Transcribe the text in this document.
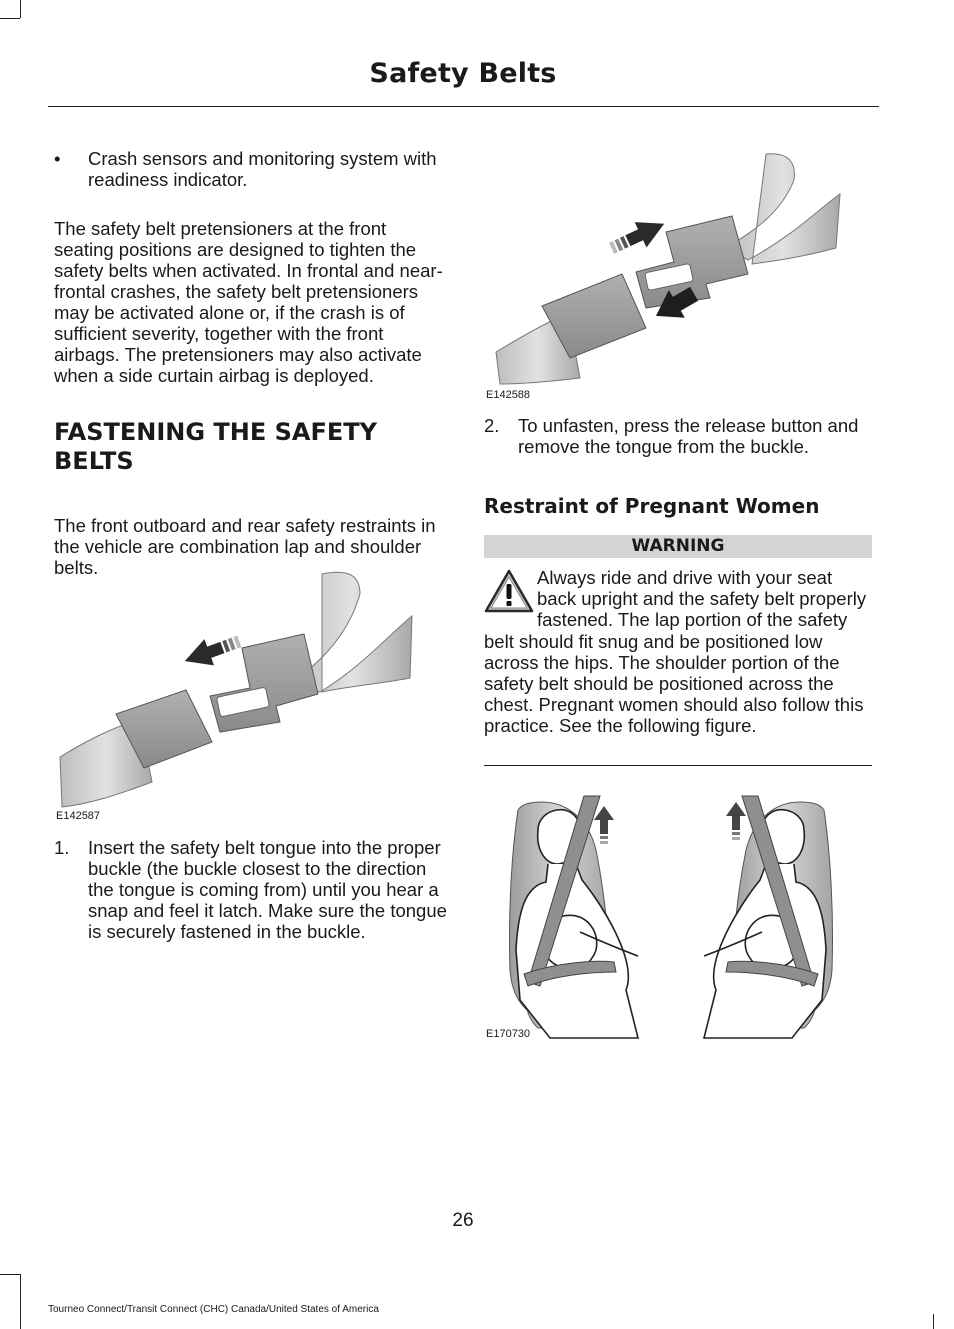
Safety Belts
• Crash sensors and monitoring system with readiness indicator.

The safety belt pretensioners at the front seating positions are designed to tighten the safety belts when activated. In frontal and near-frontal crashes, the safety belt pretensioners may be activated alone or, if the crash is of sufficient severity, together with the front airbags. The pretensioners may also activate when a side curtain airbag is deployed.

FASTENING THE SAFETY BELTS

The front outboard and rear safety restraints in the vehicle are combination lap and shoulder belts.

E142587
1. Insert the safety belt tongue into the proper buckle (the buckle closest to the direction the tongue is coming from) until you hear a snap and feel it latch. Make sure the tongue is securely fastened in the buckle.
E142588
2. To unfasten, press the release button and remove the tongue from the buckle.
Restraint of Pregnant Women
WARNING
Always ride and drive with your seat back upright and the safety belt properly fastened. The lap portion of the safety belt should fit snug and be positioned low across the hips. The shoulder portion of the safety belt should be positioned across the chest. Pregnant women should also follow this practice. See the following figure.
E170730
26
Tourneo Connect/Transit Connect (CHC) Canada/United States of America
